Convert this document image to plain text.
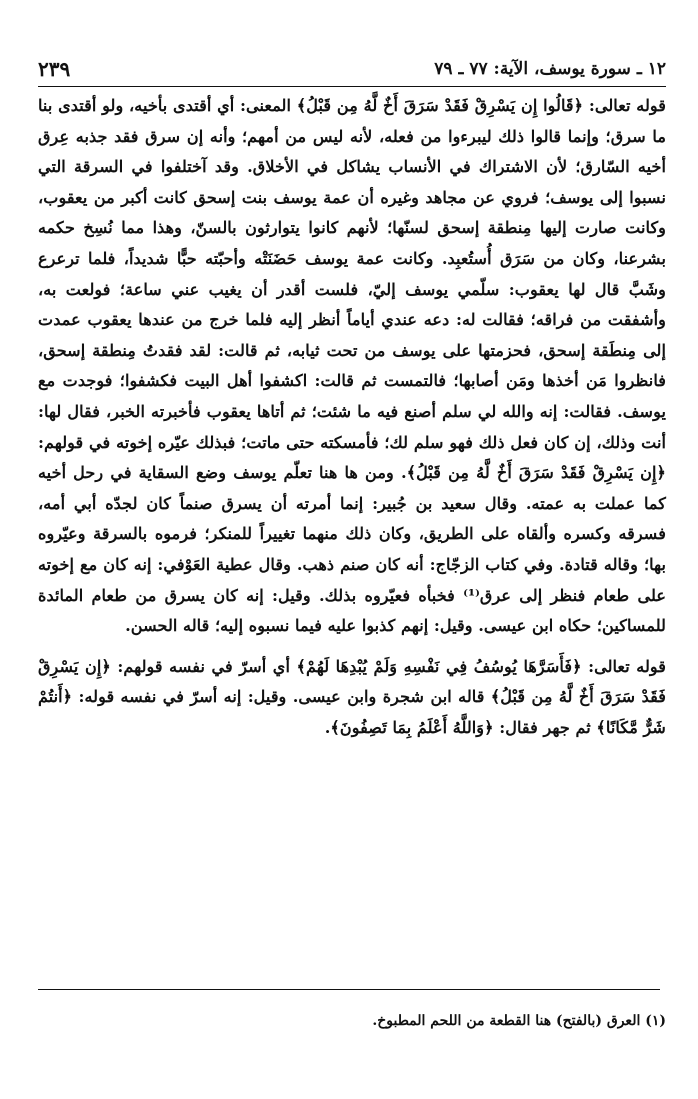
١٢ ـ سورة يوسف، الآية: ٧٧ ـ ٧٩
٢٣٩

قوله تعالى: ﴿قَالُوا إِن يَسْرِقْ فَقَدْ سَرَقَ أَخٌ لَّهُ مِن قَبْلُ﴾ المعنى: أي أقتدى بأخيه، ولو أقتدى بنا ما سرق؛ وإنما قالوا ذلك ليبرءوا من فعله، لأنه ليس من أمهم؛ وأنه إن سرق فقد جذبه عِرق أخيه السّارق؛ لأن الاشتراك في الأنساب يشاكل في الأخلاق. وقد آختلفوا في السرقة التي نسبوا إلى يوسف؛ فروي عن مجاهد وغيره أن عمة يوسف بنت إسحق كانت أكبر من يعقوب، وكانت صارت إليها مِنطقة إسحق لسنّها؛ لأنهم كانوا يتوارثون بالسنّ، وهذا مما نُسِخ حكمه بشرعنا، وكان من سَرَق أُستُعبِد. وكانت عمة يوسف حَضَنَتْه وأحبّته حبًّا شديداً، فلما ترعرع وشَبَّ قال لها يعقوب: سلّمي يوسف إليّ، فلست أقدر أن يغيب عني ساعة؛ فولعت به، وأشفقت من فراقه؛ فقالت له: دعه عندي أياماً أنظر إليه فلما خرج من عندها يعقوب عمدت إلى مِنطَقة إسحق، فحزمتها على يوسف من تحت ثيابه، ثم قالت: لقد فقدتُ مِنطقة إسحق، فانظروا مَن أخذها ومَن أصابها؛ فالتمست ثم قالت: اكشفوا أهل البيت فكشفوا؛ فوجدت مع يوسف. فقالت: إنه والله لي سلم أصنع فيه ما شئت؛ ثم أتاها يعقوب فأخبرته الخبر، فقال لها: أنت وذلك، إن كان فعل ذلك فهو سلم لك؛ فأمسكته حتى ماتت؛ فبذلك عيّره إخوته في قولهم: ﴿إِن يَسْرِقْ فَقَدْ سَرَقَ أَخٌ لَّهُ مِن قَبْلُ﴾. ومن ها هنا تعلّم يوسف وضع السقاية في رحل أخيه كما عملت به عمته. وقال سعيد بن جُبير: إنما أمرته أن يسرق صنماً كان لجدّه أبي أمه، فسرقه وكسره وألقاه على الطريق، وكان ذلك منهما تغييراً للمنكر؛ فرموه بالسرقة وعيّروه بها؛ وقاله قتادة. وفي كتاب الزجّاج: أنه كان صنم ذهب. وقال عطية العَوْفي: إنه كان مع إخوته على طعام فنظر إلى عرق⁽¹⁾ فخبأه فعيّروه بذلك. وقيل: إنه كان يسرق من طعام المائدة للمساكين؛ حكاه ابن عيسى. وقيل: إنهم كذبوا عليه فيما نسبوه إليه؛ قاله الحسن.

قوله تعالى: ﴿فَأَسَرَّهَا يُوسُفُ فِي نَفْسِهِ وَلَمْ يُبْدِهَا لَهُمْ﴾ أي أسرّ في نفسه قولهم: ﴿إِن يَسْرِقْ فَقَدْ سَرَقَ أَخٌ لَّهُ مِن قَبْلُ﴾ قاله ابن شجرة وابن عيسى. وقيل: إنه أسرّ في نفسه قوله: ﴿أَنتُمْ شَرٌّ مَّكَانًا﴾ ثم جهر فقال: ﴿وَاللَّهُ أَعْلَمُ بِمَا تَصِفُونَ﴾.

(١) العرق (بالفتح) هنا القطعة من اللحم المطبوخ.
